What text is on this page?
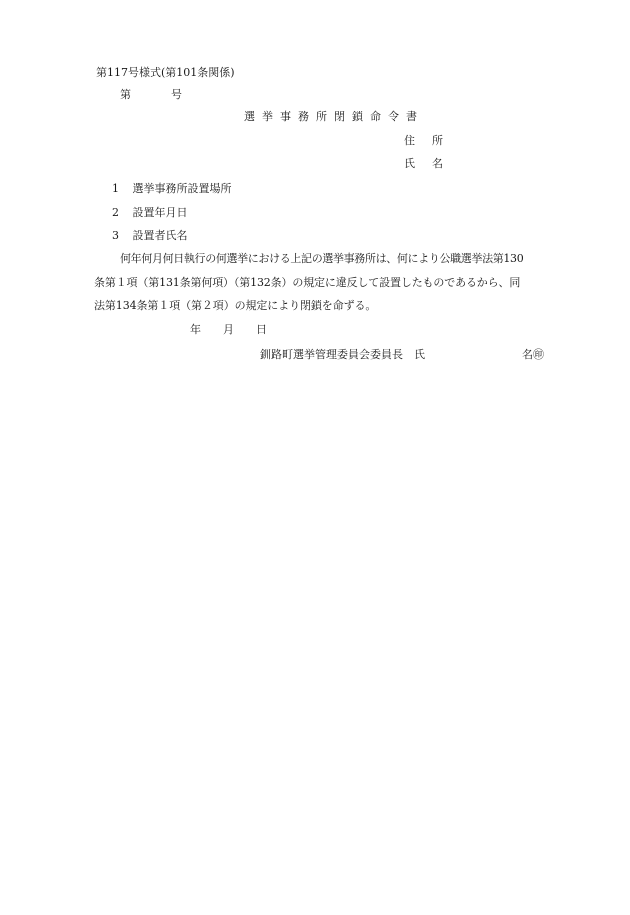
第117号様式(第101条関係)

第　　号

選挙事務所閉鎖命令書

住　所

氏　名

1 選挙事務所設置場所

2 設置年月日

3 設置者氏名

何年何月何日執行の何選挙における上記の選挙事務所は、何により公職選挙法第130

条第１項（第131条第何項）（第132条）の規定に違反して設置したものであるから、同

法第134条第１項（第２項）の規定により閉鎖を命ずる。

年　　月　　日

釧路町選挙管理委員会委員長　氏	名㊞
